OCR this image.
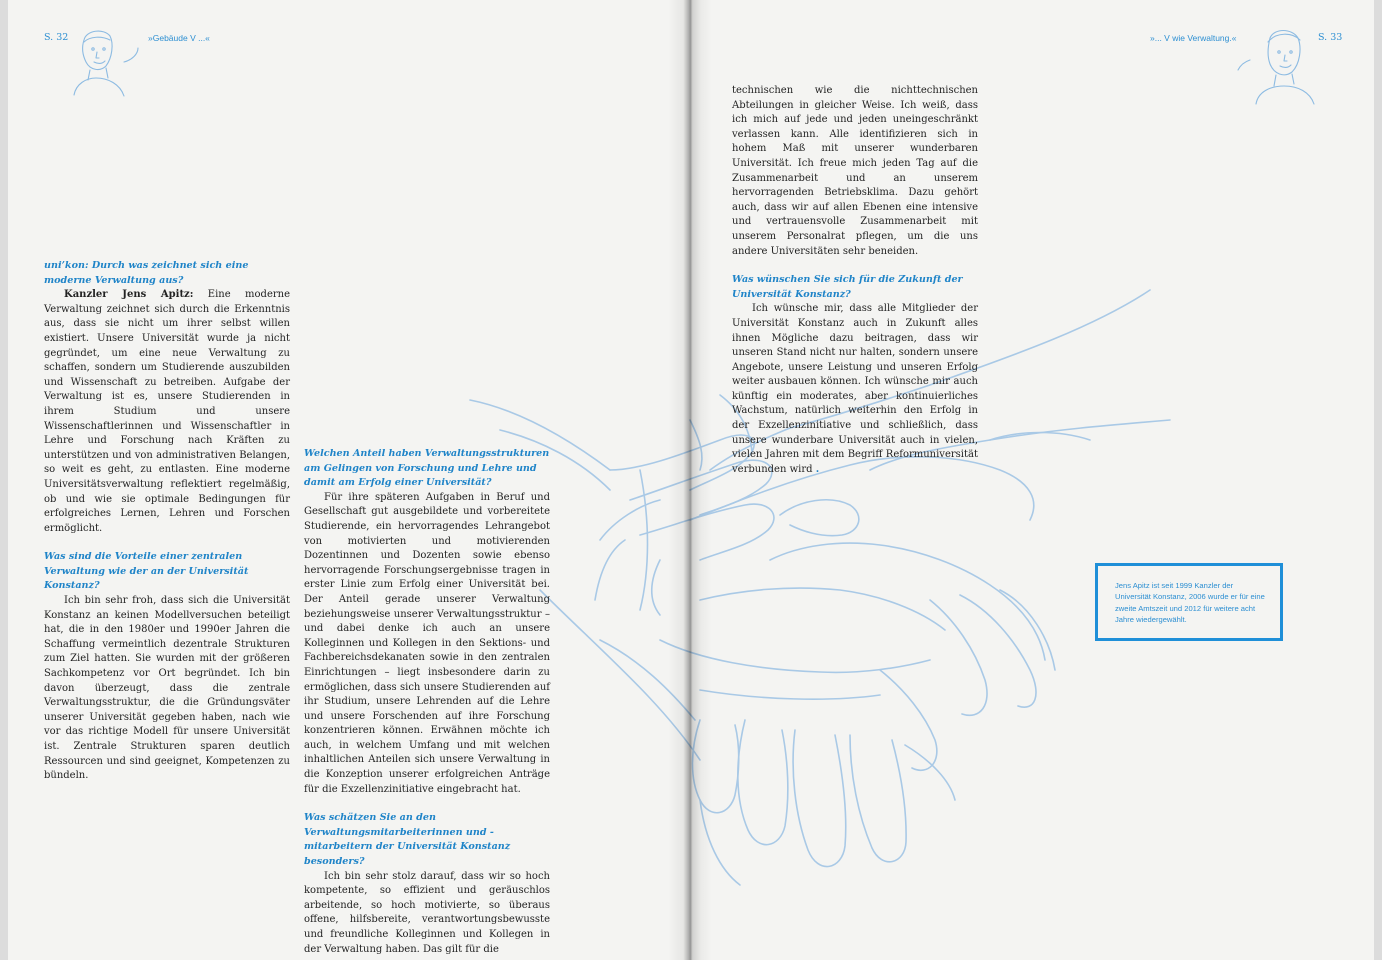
S. 32	»Gebäude V ...«	»... V wie Verwaltung.«	S. 33
uni’kon: Durch was zeichnet sich eine moderne Verwaltung aus?

Kanzler Jens Apitz: Eine moderne Verwaltung zeichnet sich durch die Erkenntnis aus, dass sie nicht um ihrer selbst willen existiert. Unsere Universität wurde ja nicht gegründet, um eine neue Verwaltung zu schaffen, sondern um Studierende auszubilden und Wissenschaft zu betreiben. Aufgabe der Verwaltung ist es, unsere Studierenden in ihrem Studium und unsere Wissenschaftlerinnen und Wissenschaftler in Lehre und Forschung nach Kräften zu unterstützen und von administrativen Belangen, so weit es geht, zu entlasten. Eine moderne Universitätsverwaltung reflektiert regelmäßig, ob und wie sie optimale Bedingungen für erfolgreiches Lernen, Lehren und Forschen ermöglicht.

Was sind die Vorteile einer zentralen Verwaltung wie der an der Universität Konstanz?

Ich bin sehr froh, dass sich die Universität Konstanz an keinen Modellversuchen beteiligt hat, die in den 1980er und 1990er Jahren die Schaffung vermeintlich dezentrale Strukturen zum Ziel hatten. Sie wurden mit der größeren Sachkompetenz vor Ort begründet. Ich bin davon überzeugt, dass die zentrale Verwaltungsstruktur, die die Gründungsväter unserer Universität gegeben haben, nach wie vor das richtige Modell für unsere Universität ist. Zentrale Strukturen sparen deutlich Ressourcen und sind geeignet, Kompetenzen zu bündeln.

Welchen Anteil haben Verwaltungsstrukturen am Gelingen von Forschung und Lehre und damit am Erfolg einer Universität?

Für ihre späteren Aufgaben in Beruf und Gesellschaft gut ausgebildete und vorbereitete Studierende, ein hervorragendes Lehrangebot von motivierten und motivierenden Dozentinnen und Dozenten sowie ebenso hervorragende Forschungsergebnisse tragen in erster Linie zum Erfolg einer Universität bei. Der Anteil gerade unserer Verwaltung beziehungsweise unserer Verwaltungsstruktur – und dabei denke ich auch an unsere Kolleginnen und Kollegen in den Sektions- und Fachbereichsdekanaten sowie in den zentralen Einrichtungen – liegt insbesondere darin zu ermöglichen, dass sich unsere Studierenden auf ihr Studium, unsere Lehrenden auf die Lehre und unsere Forschenden auf ihre Forschung konzentrieren können. Erwähnen möchte ich auch, in welchem Umfang und mit welchen inhaltlichen Anteilen sich unsere Verwaltung in die Konzeption unserer erfolgreichen Anträge für die Exzellenzinitiative eingebracht hat.

Was schätzen Sie an den Verwaltungsmitarbeiterinnen und -mitarbeitern der Universität Konstanz besonders?

Ich bin sehr stolz darauf, dass wir so hoch kompetente, so effizient und geräuschlos arbeitende, so hoch motivierte, so überaus offene, hilfsbereite, verantwortungsbewusste und freundliche Kolleginnen und Kollegen in der Verwaltung haben. Das gilt für die

technischen wie die nichttechnischen Abteilungen in gleicher Weise. Ich weiß, dass ich mich auf jede und jeden uneingeschränkt verlassen kann. Alle identifizieren sich in hohem Maß mit unserer wunderbaren Universität. Ich freue mich jeden Tag auf die Zusammenarbeit und an unserem hervorragenden Betriebsklima. Dazu gehört auch, dass wir auf allen Ebenen eine intensive und vertrauensvolle Zusammenarbeit mit unserem Personalrat pflegen, um die uns andere Universitäten sehr beneiden.

Was wünschen Sie sich für die Zukunft der Universität Konstanz?

Ich wünsche mir, dass alle Mitglieder der Universität Konstanz auch in Zukunft alles ihnen Mögliche dazu beitragen, dass wir unseren Stand nicht nur halten, sondern unsere Angebote, unsere Leistung und unseren Erfolg weiter ausbauen können. Ich wünsche mir auch künftig ein moderates, aber kontinuierliches Wachstum, natürlich weiterhin den Erfolg in der Exzellenzinitiative und schließlich, dass unsere wunderbare Universität auch in vielen, vielen Jahren mit dem Begriff Reformuniversität verbunden wird .

Jens Apitz ist seit 1999 Kanzler der Universität Konstanz, 2006 wurde er für eine zweite Amtszeit und 2012 für weitere acht Jahre wiedergewählt.
